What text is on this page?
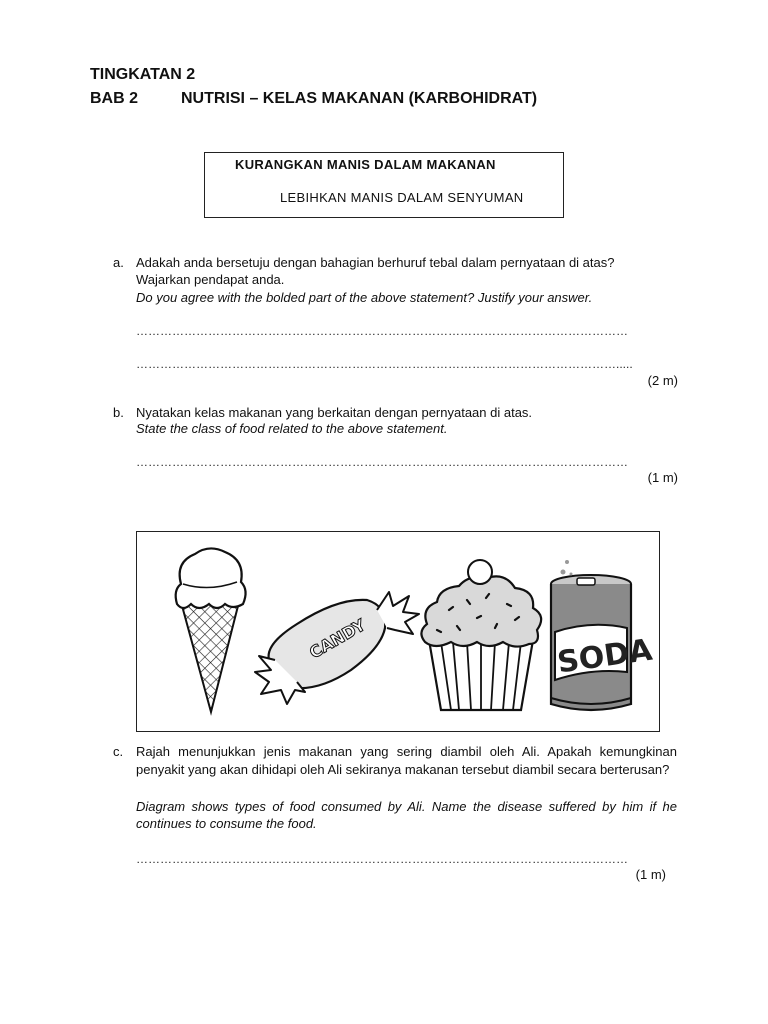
TINGKATAN 2
BAB 2	NUTRISI – KELAS MAKANAN (KARBOHIDRAT)
KURANGKAN MANIS DALAM MAKANAN
LEBIHKAN MANIS DALAM SENYUMAN
a. Adakah anda bersetuju dengan bahagian berhuruf tebal dalam pernyataan di atas? Wajarkan pendapat anda.
Do you agree with the bolded part of the above statement? Justify your answer.
……………………………………………………………………………………………………………
………………………………………………………………………………………………………….....
(2 m)
b. Nyatakan kelas makanan yang berkaitan dengan pernyataan di atas.
State the class of food related to the above statement.
……………………………………………………………………………………………………………
(1 m)
CANDY	SODA
c. Rajah menunjukkan jenis makanan yang sering diambil oleh Ali. Apakah kemungkinan penyakit yang akan dihidapi oleh Ali sekiranya makanan tersebut diambil secara berterusan?
Diagram shows types of food consumed by Ali. Name the disease suffered by him if he continues to consume the food.
……………………………………………………………………………………………………………
(1 m)
